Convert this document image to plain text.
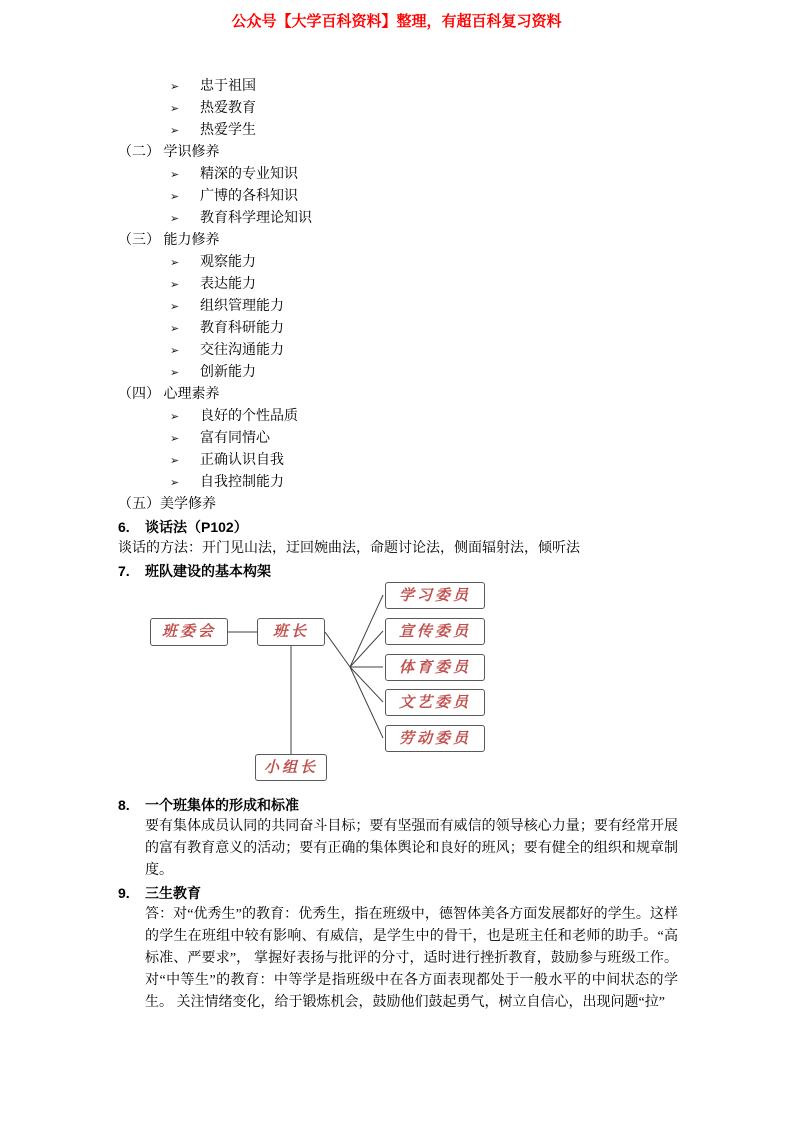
公众号【大学百科资料】整理，有超百科复习资料
➢	忠于祖国
➢	热爱教育
➢	热爱学生
（二） 学识修养
➢	精深的专业知识
➢	广博的各科知识
➢	教育科学理论知识
（三） 能力修养
➢	观察能力
➢	表达能力
➢	组织管理能力
➢	教育科研能力
➢	交往沟通能力
➢	创新能力
（四） 心理素养
➢	良好的个性品质
➢	富有同情心
➢	正确认识自我
➢	自我控制能力
（五）美学修养
6.	谈话法（P102）
谈话的方法：开门见山法，迂回婉曲法，命题讨论法，侧面辐射法，倾听法
7.	班队建设的基本构架
班委会	班长
学习委员
宣传委员
体育委员
文艺委员
劳动委员
小组长
8.	一个班集体的形成和标准
要有集体成员认同的共同奋斗目标；要有坚强而有威信的领导核心力量；要有经常开展的富有教育意义的活动；要有正确的集体舆论和良好的班风；要有健全的组织和规章制度。
9.	三生教育
答：对“优秀生”的教育：优秀生，指在班级中，德智体美各方面发展都好的学生。这样的学生在班组中较有影响、有威信，是学生中的骨干，也是班主任和老师的助手。“高标准、严要求”， 掌握好表扬与批评的分寸，适时进行挫折教育，鼓励参与班级工作。对“中等生”的教育：中等学是指班级中在各方面表现都处于一般水平的中间状态的学生。 关注情绪变化，给于锻炼机会，鼓励他们鼓起勇气，树立自信心，出现问题“拉”
